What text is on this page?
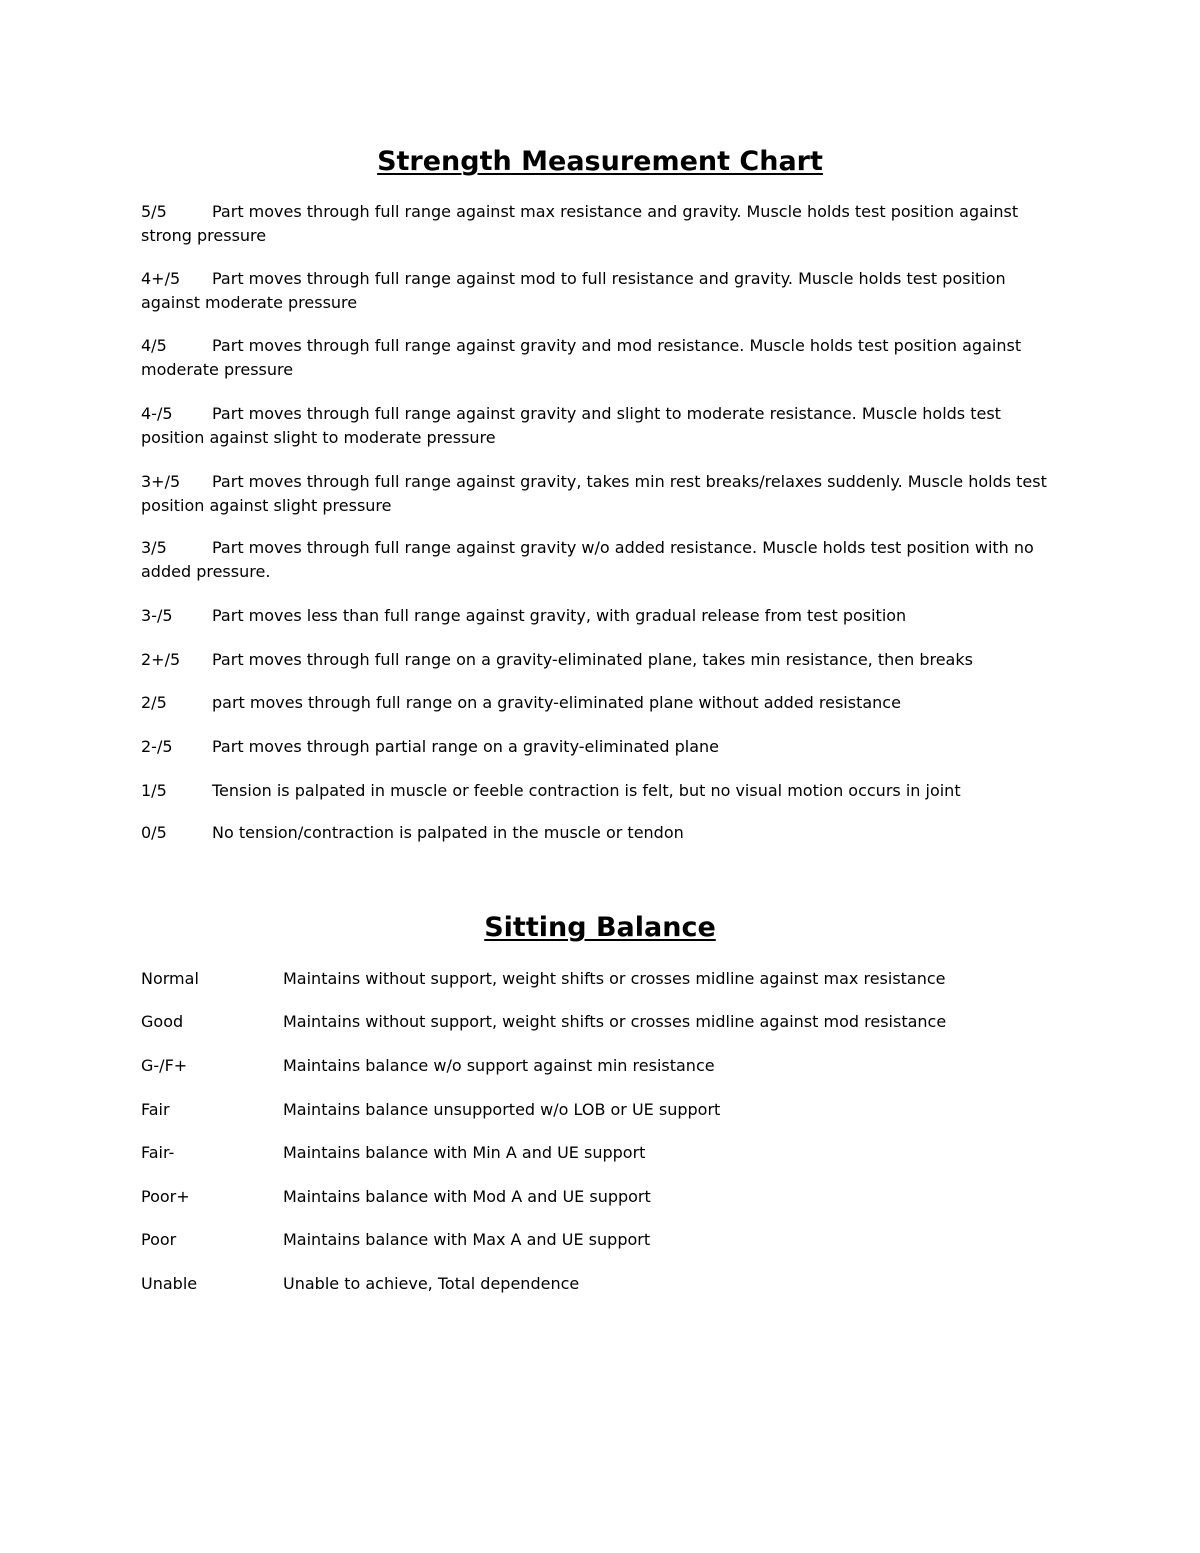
Strength Measurement Chart
5/5	Part moves through full range against max resistance and gravity. Muscle holds test position against
strong pressure
4+/5 Part moves through full range against mod to full resistance and gravity. Muscle holds test position
against moderate pressure
4/5	Part moves through full range against gravity and mod resistance. Muscle holds test position against
moderate pressure
4-/5 Part moves through full range against gravity and slight to moderate resistance. Muscle holds test
position against slight to moderate pressure
3+/5 Part moves through full range against gravity, takes min rest breaks/relaxes suddenly. Muscle holds test
position against slight pressure
3/5	Part moves through full range against gravity w/o added resistance. Muscle holds test position with no
added pressure.
3-/5 Part moves less than full range against gravity, with gradual release from test position
2+/5 Part moves through full range on a gravity-eliminated plane, takes min resistance, then breaks
2/5	part moves through full range on a gravity-eliminated plane without added resistance
2-/5 Part moves through partial range on a gravity-eliminated plane
1/5	Tension is palpated in muscle or feeble contraction is felt, but no visual motion occurs in joint
0/5	No tension/contraction is palpated in the muscle or tendon
Sitting Balance
Normal	Maintains without support, weight shifts or crosses midline against max resistance
Good	Maintains without support, weight shifts or crosses midline against mod resistance
G-/F+	Maintains balance w/o support against min resistance
Fair	Maintains balance unsupported w/o LOB or UE support
Fair-	Maintains balance with Min A and UE support
Poor+	Maintains balance with Mod A and UE support
Poor	Maintains balance with Max A and UE support
Unable	Unable to achieve, Total dependence
